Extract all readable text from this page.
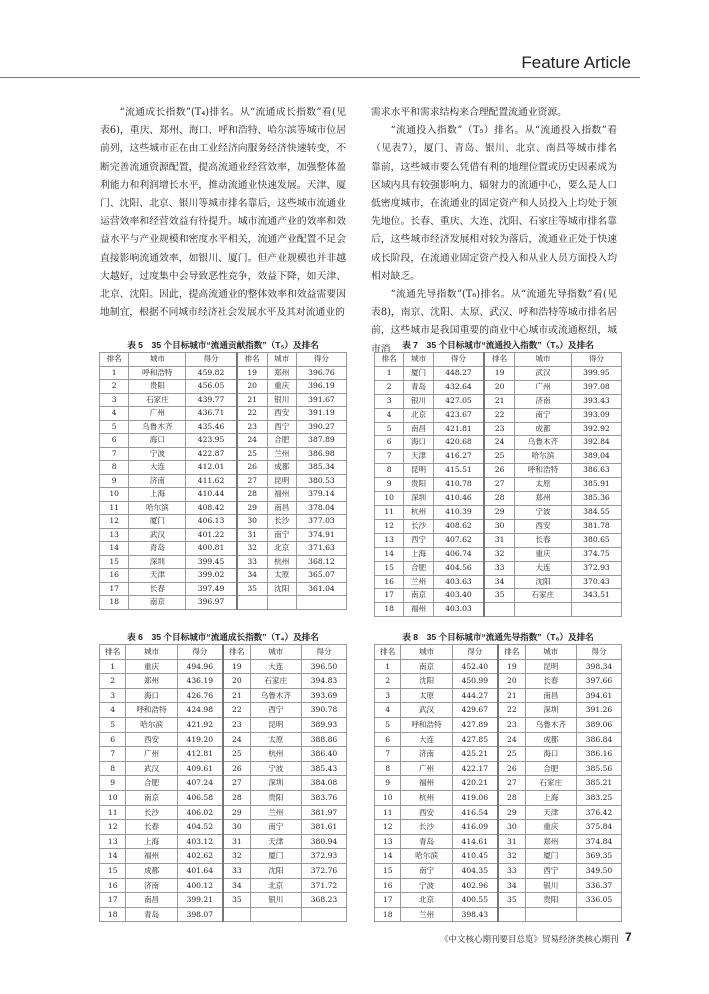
Feature Article

“流通成长指数”(T₄)排名。从“流通成长指数”看(见表6)，重庆、郑州、海口、呼和浩特、哈尔滨等城市位居前列，这些城市正在由工业经济向服务经济快速转变，不断完善流通资源配置，提高流通业经营效率，加强整体盈利能力和利润增长水平，推动流通业快速发展。天津、厦门、沈阳、北京、银川等城市排名靠后，这些城市流通业运营效率和经营效益有待提升。城市流通产业的效率和效益水平与产业规模和密度水平相关，流通产业配置不足会直接影响流通效率，如银川、厦门。但产业规模也并非越大越好，过度集中会导致恶性竞争，效益下降，如天津、北京、沈阳。因此，提高流通业的整体效率和效益需要因地制宜，根据不同城市经济社会发展水平及其对流通业的

需求水平和需求结构来合理配置流通业资源。

“流通投入指数”（T₅）排名。从“流通投入指数”看（见表7），厦门、青岛、银川、北京、南昌等城市排名靠前，这些城市要么凭借有利的地理位置或历史因素成为区域内具有较强影响力、辐射力的流通中心，要么是人口低密度城市，在流通业的固定资产和人员投入上均处于领先地位。长春、重庆、大连、沈阳、石家庄等城市排名靠后，这些城市经济发展相对较为落后，流通业正处于快速成长阶段，在流通业固定资产投入和从业人员方面投入均相对缺乏。

“流通先导指数”(T₆)排名。从“流通先导指数”看(见表8)，南京、沈阳、太原、武汉、呼和浩特等城市排名居前，这些城市是我国重要的商业中心城市或流通枢纽，城市消

表 5　35 个目标城市“流通贡献指数”（T₅）及排名
排名	城市	得分	排名	城市	得分
1	呼和浩特	459.82	19	郑州	396.76
2	贵阳	456.05	20	重庆	396.19
3	石家庄	439.77	21	银川	391.67
4	广州	436.71	22	西安	391.19
5	乌鲁木齐	435.46	23	西宁	390.27
6	海口	423.95	24	合肥	387.89
7	宁波	422.87	25	兰州	386.98
8	大连	412.01	26	成都	385.34
9	济南	411.62	27	昆明	380.53
10	上海	410.44	28	福州	379.14
11	哈尔滨	408.42	29	南昌	378.04
12	厦门	406.13	30	长沙	377.03
13	武汉	401.22	31	南宁	374.91
14	青岛	400.81	32	北京	371.63
15	深圳	399.45	33	杭州	368.12
16	天津	399.02	34	太原	365.07
17	长春	397.49	35	沈阳	361.04
18	南京	396.97			
表 7　35 个目标城市“流通投入指数”（T₅）及排名
排名	城市	得分	排名	城市	得分
1	厦门	448.27	19	武汉	399.95
2	青岛	432.64	20	广州	397.08
3	银川	427.05	21	济南	393.43
4	北京	423.67	22	南宁	393.09
5	南昌	421.81	23	成都	392.92
6	海口	420.68	24	乌鲁木齐	392.84
7	天津	416.27	25	哈尔滨	389.04
8	昆明	415.51	26	呼和浩特	386.63
9	贵阳	410.78	27	太原	385.91
10	深圳	410.46	28	郑州	385.36
11	杭州	410.39	29	宁波	384.55
12	长沙	408.62	30	西安	381.78
13	西宁	407.62	31	长春	380.65
14	上海	406.74	32	重庆	374.75
15	合肥	404.56	33	大连	372.93
16	兰州	403.63	34	沈阳	370.43
17	南京	403.40	35	石家庄	343.51
18	福州	403.03			
表 6　35 个目标城市“流通成长指数”（T₄）及排名
排名	城市	得分	排名	城市	得分
1	重庆	494.96	19	大连	396.50
2	郑州	436.19	20	石家庄	394.83
3	海口	426.76	21	乌鲁木齐	393.69
4	呼和浩特	424.98	22	西宁	390.78
5	哈尔滨	421.92	23	昆明	389.93
6	西安	419.20	24	太原	388.86
7	广州	412.81	25	杭州	386.40
8	武汉	409.61	26	宁波	385.43
9	合肥	407.24	27	深圳	384.08
10	南京	406.58	28	贵阳	383.76
11	长沙	406.02	29	兰州	381.97
12	长春	404.52	30	南宁	381.61
13	上海	403.12	31	天津	380.94
14	福州	402.62	32	厦门	372.93
15	成都	401.64	33	沈阳	372.76
16	济南	400.12	34	北京	371.72
17	南昌	399.21	35	银川	368.23
18	青岛	398.07			
表 8　35 个目标城市“流通先导指数”（T₆）及排名
排名	城市	得分	排名	城市	得分
1	南京	452.40	19	昆明	398.34
2	沈阳	450.99	20	长春	397.66
3	太原	444.27	21	南昌	394.61
4	武汉	429.67	22	深圳	391.26
5	呼和浩特	427.89	23	乌鲁木齐	389.06
6	大连	427.85	24	成都	386.84
7	济南	425.21	25	海口	386.16
8	广州	422.17	26	合肥	385.56
9	福州	420.21	27	石家庄	385.21
10	杭州	419.06	28	上海	383.25
11	西安	416.54	29	天津	376.42
12	长沙	416.09	30	重庆	375.84
13	青岛	414.61	31	郑州	374.84
14	哈尔滨	410.45	32	厦门	369.35
15	南宁	404.35	33	西宁	349.50
16	宁波	402.96	34	银川	336.37
17	北京	400.55	35	贵阳	336.05
18	兰州	398.43			
《中文核心期刊要目总览》贸易经济类核心期刊 7
